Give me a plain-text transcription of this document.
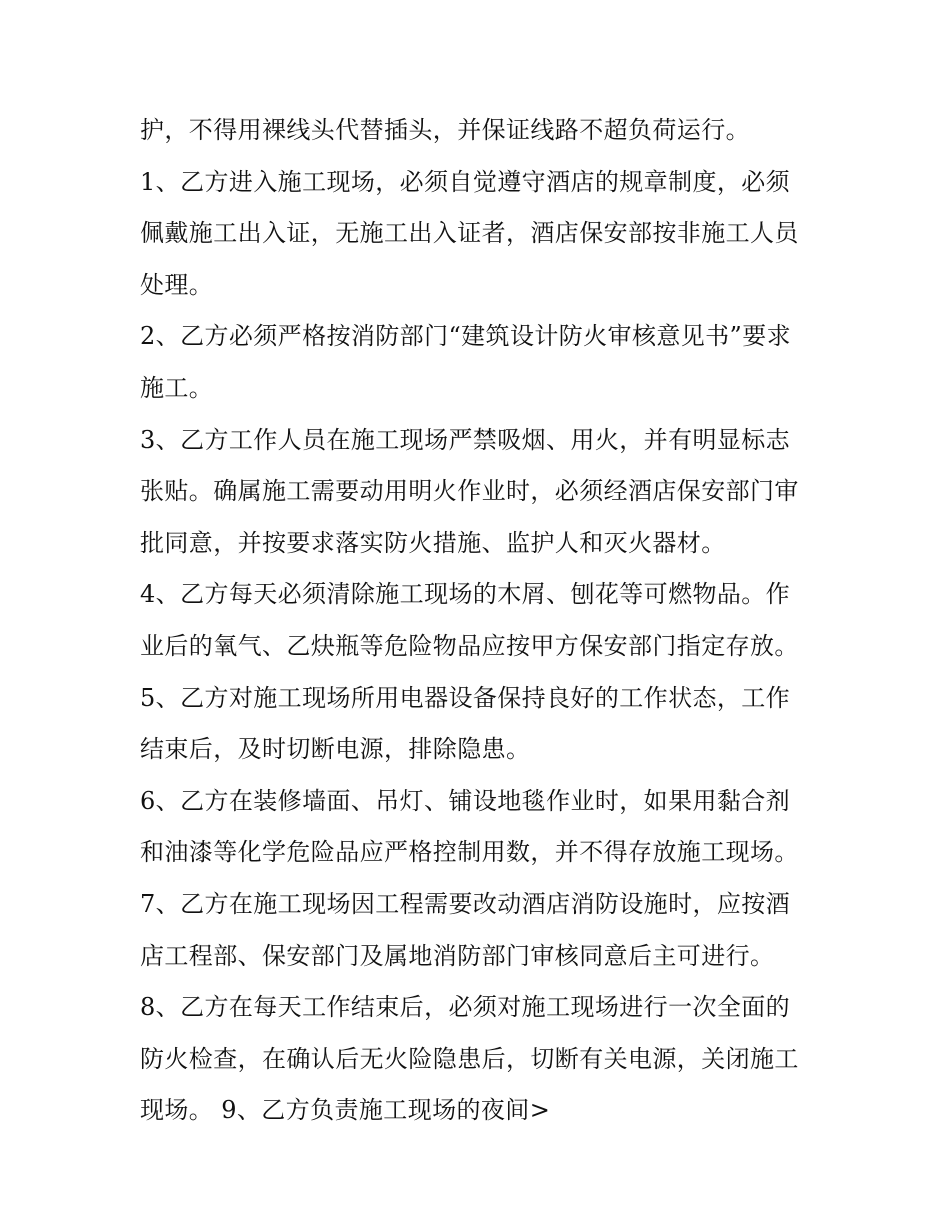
护，不得用裸线头代替插头，并保证线路不超负荷运行。
1、乙方进入施工现场，必须自觉遵守酒店的规章制度，必须
佩戴施工出入证，无施工出入证者，酒店保安部按非施工人员
处理。
2、乙方必须严格按消防部门“建筑设计防火审核意见书”要求
施工。
3、乙方工作人员在施工现场严禁吸烟、用火，并有明显标志
张贴。确属施工需要动用明火作业时，必须经酒店保安部门审
批同意，并按要求落实防火措施、监护人和灭火器材。
4、乙方每天必须清除施工现场的木屑、刨花等可燃物品。作
业后的氧气、乙炔瓶等危险物品应按甲方保安部门指定存放。
5、乙方对施工现场所用电器设备保持良好的工作状态，工作
结束后，及时切断电源，排除隐患。
6、乙方在装修墙面、吊灯、铺设地毯作业时，如果用黏合剂
和油漆等化学危险品应严格控制用数，并不得存放施工现场。
7、乙方在施工现场因工程需要改动酒店消防设施时，应按酒
店工程部、保安部门及属地消防部门审核同意后主可进行。
8、乙方在每天工作结束后，必须对施工现场进行一次全面的
防火检查，在确认后无火险隐患后，切断有关电源，关闭施工
现场。 9、乙方负责施工现场的夜间>
